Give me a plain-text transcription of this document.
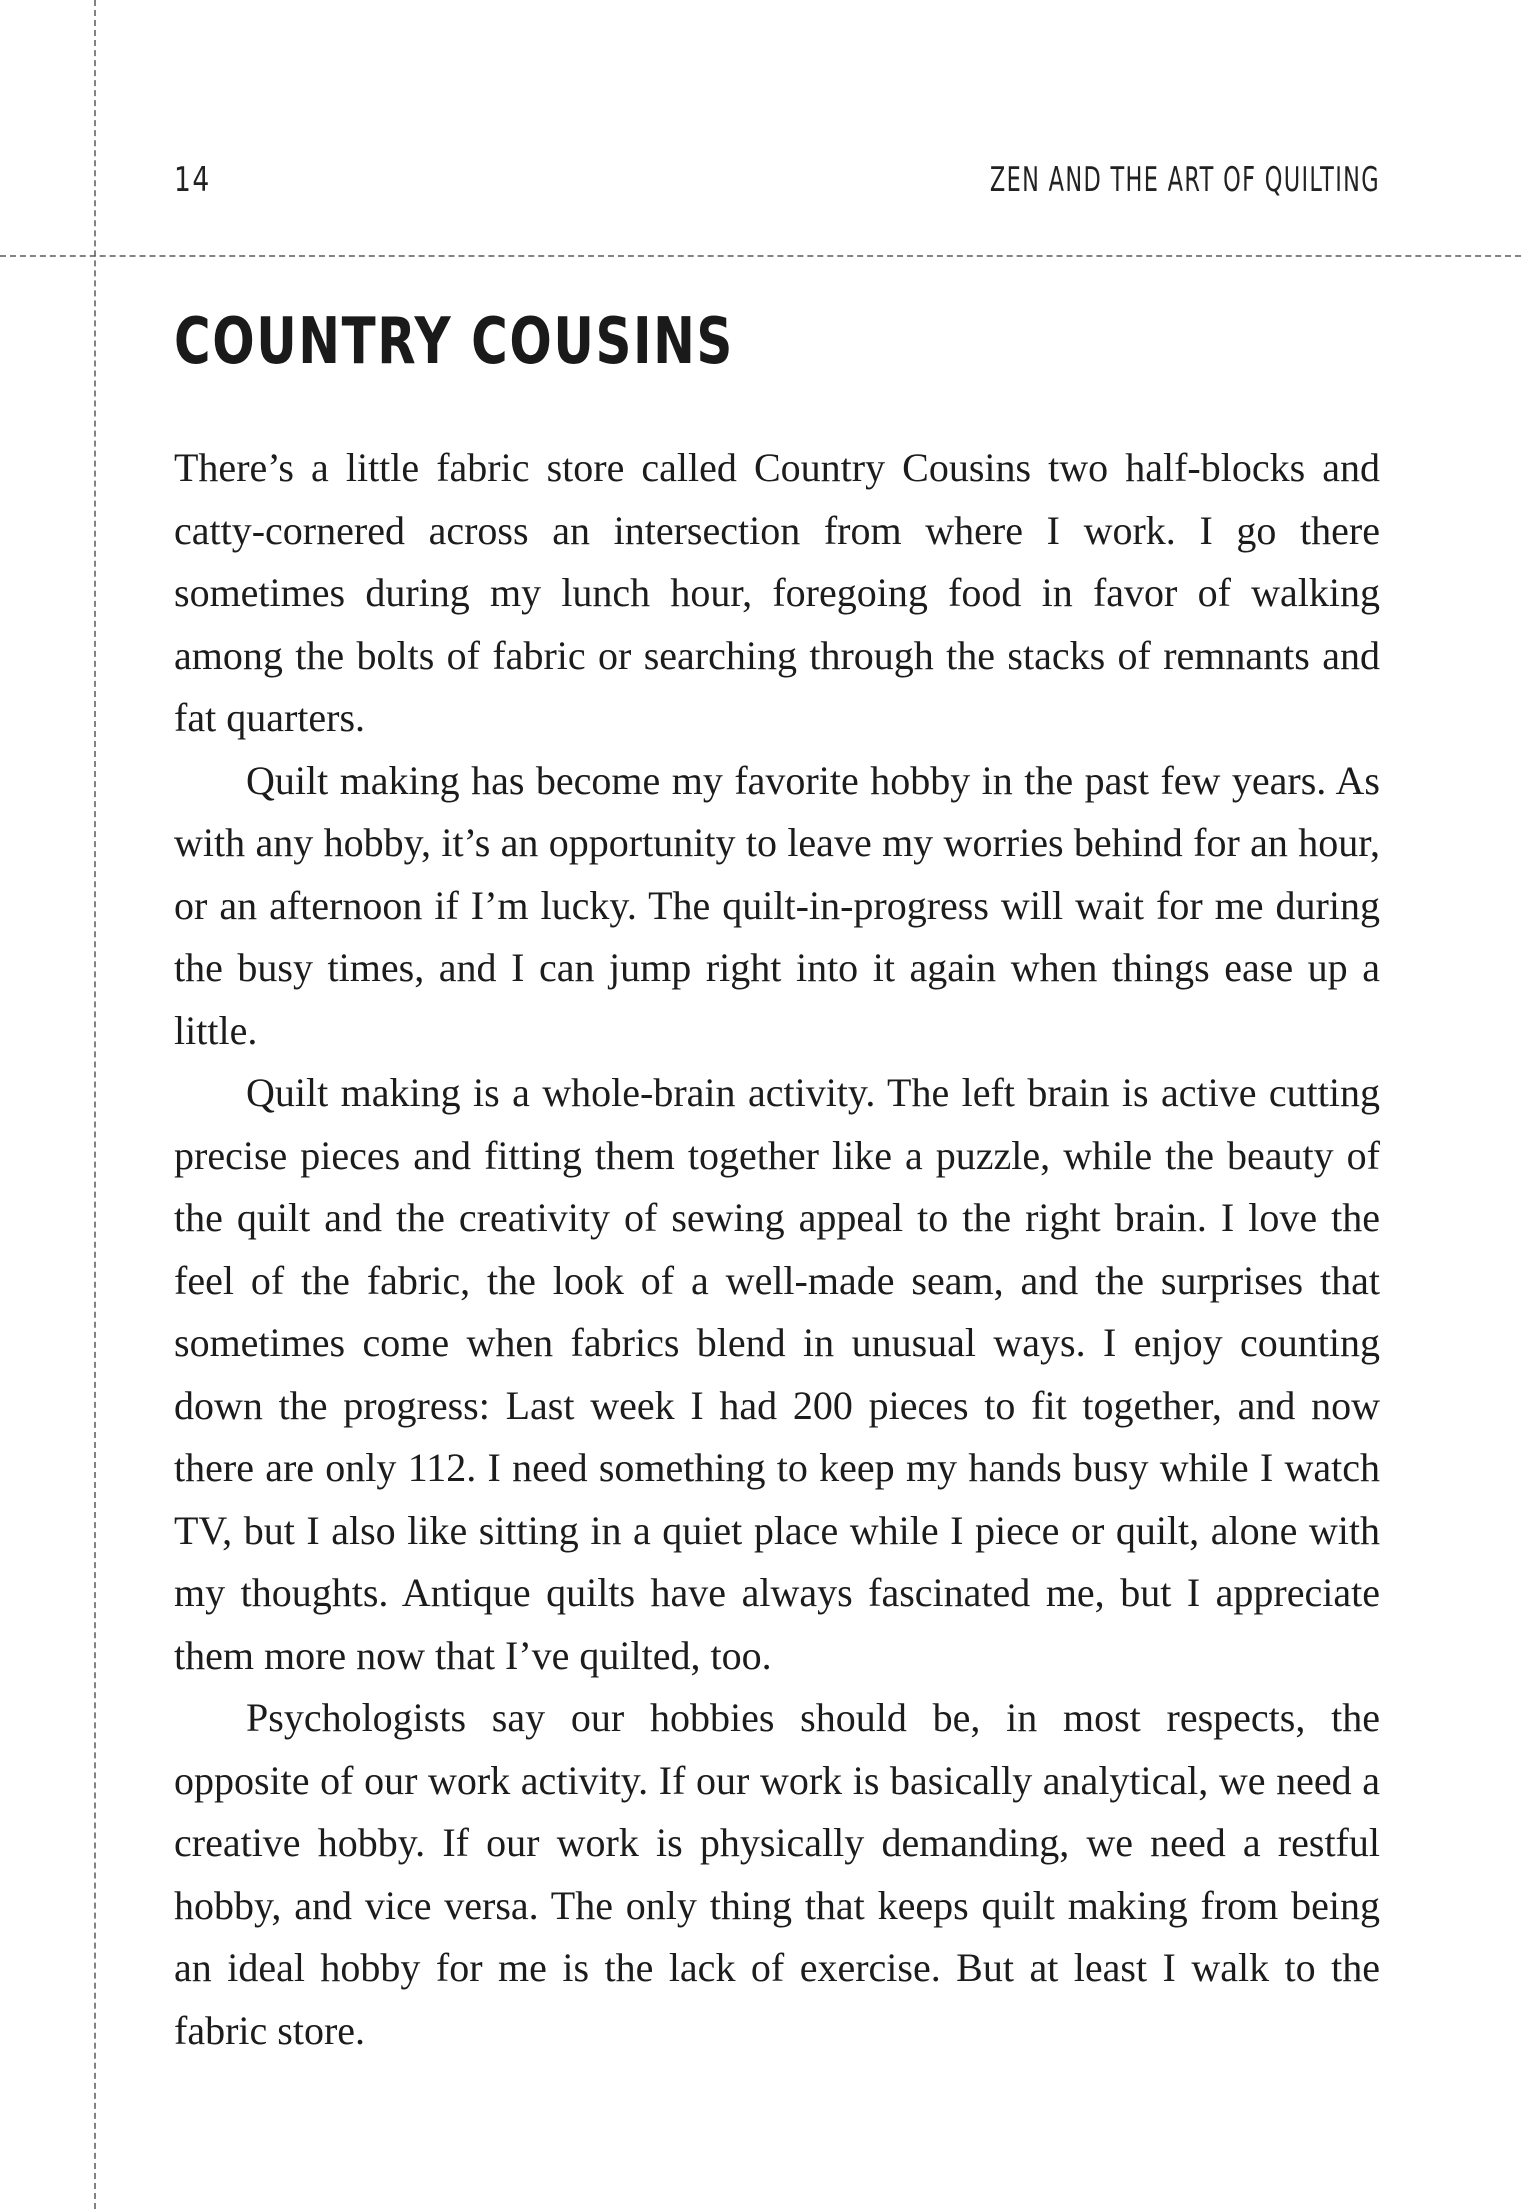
14	ZEN AND THE ART OF QUILTING
COUNTRY COUSINS

There’s a little fabric store called Country Cousins two half-blocks and catty-cornered across an intersection from where I work. I go there sometimes during my lunch hour, foregoing food in favor of walking among the bolts of fabric or searching through the stacks of remnants and fat quarters.

Quilt making has become my favorite hobby in the past few years. As with any hobby, it’s an opportunity to leave my worries behind for an hour, or an afternoon if I’m lucky. The quilt-in-progress will wait for me during the busy times, and I can jump right into it again when things ease up a little.

Quilt making is a whole-brain activity. The left brain is active cutting precise pieces and fitting them together like a puzzle, while the beauty of the quilt and the creativity of sewing appeal to the right brain. I love the feel of the fabric, the look of a well-made seam, and the surprises that sometimes come when fabrics blend in unusual ways. I enjoy counting down the progress: Last week I had 200 pieces to fit together, and now there are only 112. I need something to keep my hands busy while I watch TV, but I also like sitting in a quiet place while I piece or quilt, alone with my thoughts. Antique quilts have always fascinated me, but I appreciate them more now that I’ve quilted, too.

Psychologists say our hobbies should be, in most respects, the opposite of our work activity. If our work is basically analytical, we need a creative hobby. If our work is physically demanding, we need a restful hobby, and vice versa. The only thing that keeps quilt making from being an ideal hobby for me is the lack of exercise. But at least I walk to the fabric store.
